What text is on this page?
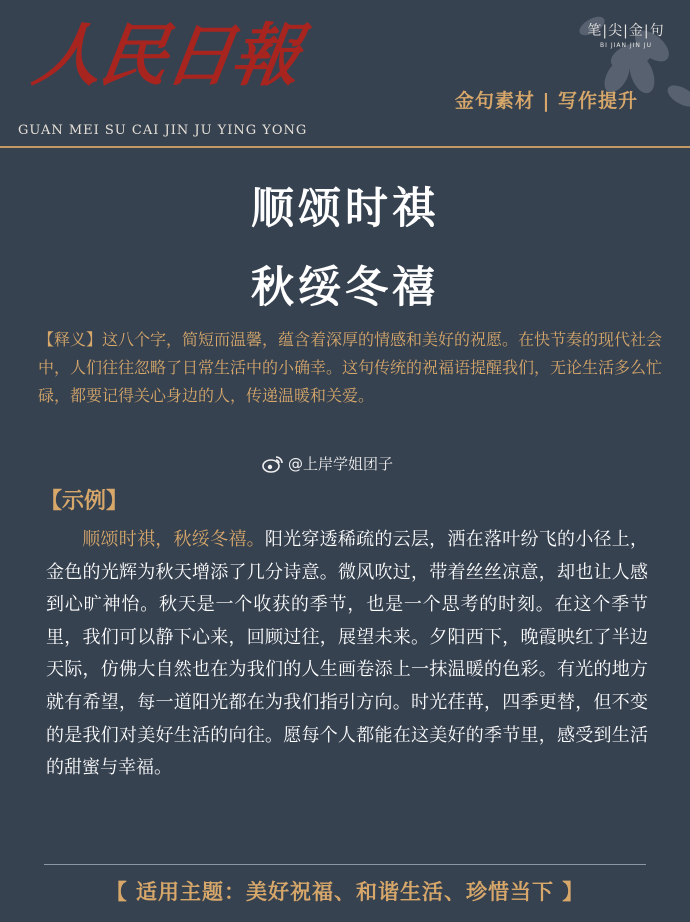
人民日報
GUAN MEI SU CAI JIN JU YING YONG
笔|尖|金|句
BI JIAN JIN JU
金句素材 | 写作提升
顺颂时祺
秋绥冬禧
【释义】这八个字，简短而温馨，蕴含着深厚的情感和美好的祝愿。在快节奏的现代社会中，人们往往忽略了日常生活中的小确幸。这句传统的祝福语提醒我们，无论生活多么忙碌，都要记得关心身边的人，传递温暖和关爱。
@上岸学姐团子
【示例】
顺颂时祺，秋绥冬禧。阳光穿透稀疏的云层，洒在落叶纷飞的小径上，金色的光辉为秋天增添了几分诗意。微风吹过，带着丝丝凉意，却也让人感到心旷神怡。秋天是一个收获的季节，也是一个思考的时刻。在这个季节里，我们可以静下心来，回顾过往，展望未来。夕阳西下，晚霞映红了半边天际，仿佛大自然也在为我们的人生画卷添上一抹温暖的色彩。有光的地方就有希望，每一道阳光都在为我们指引方向。时光荏苒，四季更替，但不变的是我们对美好生活的向往。愿每个人都能在这美好的季节里，感受到生活的甜蜜与幸福。
【 适用主题：美好祝福、和谐生活、珍惜当下 】
